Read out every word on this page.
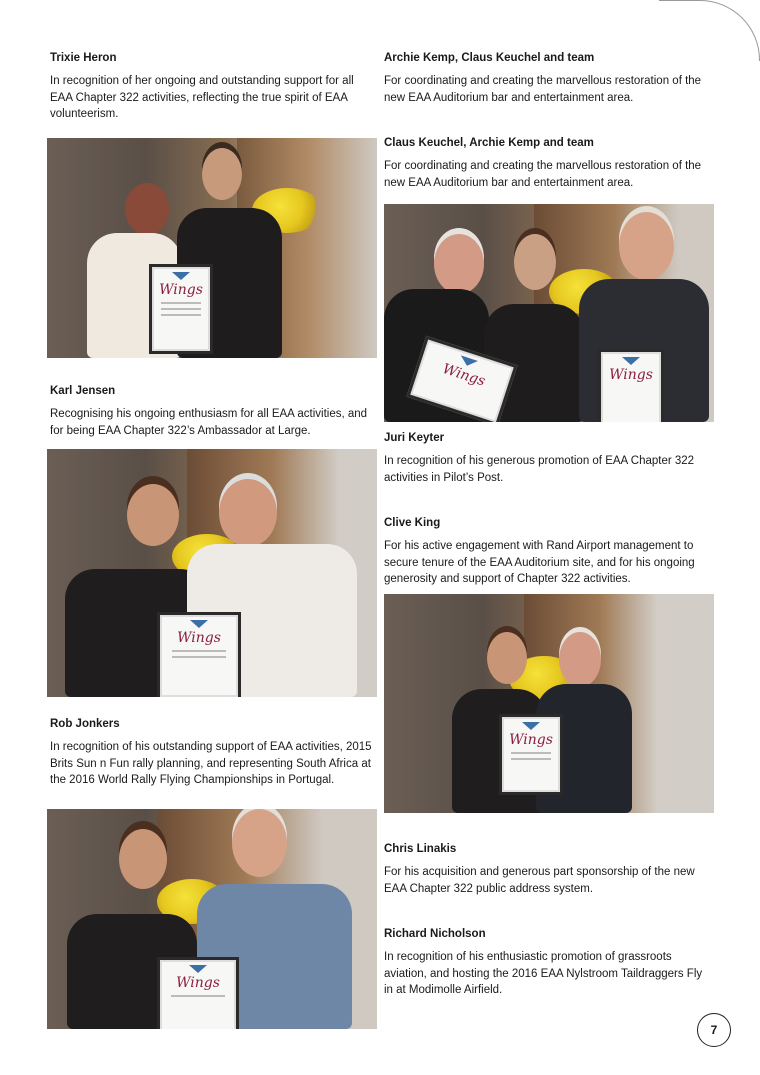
Trixie Heron

In recognition of her ongoing and outstanding support for all EAA Chapter 322 activities, reflecting the true spirit of EAA volunteerism.

Wings

Karl Jensen

Recognising his ongoing enthusiasm for all EAA activities, and for being EAA Chapter 322’s Ambassador at Large.

Wings

Rob Jonkers

In recognition of his outstanding support of EAA activities, 2015 Brits Sun n Fun rally planning, and representing South Africa at the 2016 World Rally Flying Championships in Portugal.

Wings

Archie Kemp, Claus Keuchel and team

For coordinating and creating the marvellous restoration of the new EAA Auditorium bar and entertainment area.

Claus Keuchel, Archie Kemp and team

For coordinating and creating the marvellous restoration of the new EAA Auditorium bar and entertainment area.

Wings	Wings

Juri Keyter

In recognition of his generous promotion of EAA Chapter 322 activities in Pilot’s Post.

Clive King

For his active engagement with Rand Airport management to secure tenure of the EAA Auditorium site, and for his ongoing generosity and support of Chapter 322 activities.

Wings

Chris Linakis

For his acquisition and generous part sponsorship of the new EAA Chapter 322 public address system.

Richard Nicholson

In recognition of his enthusiastic promotion of grassroots aviation, and hosting the 2016 EAA Nylstroom Taildraggers Fly in at Modimolle Airfield.

7
